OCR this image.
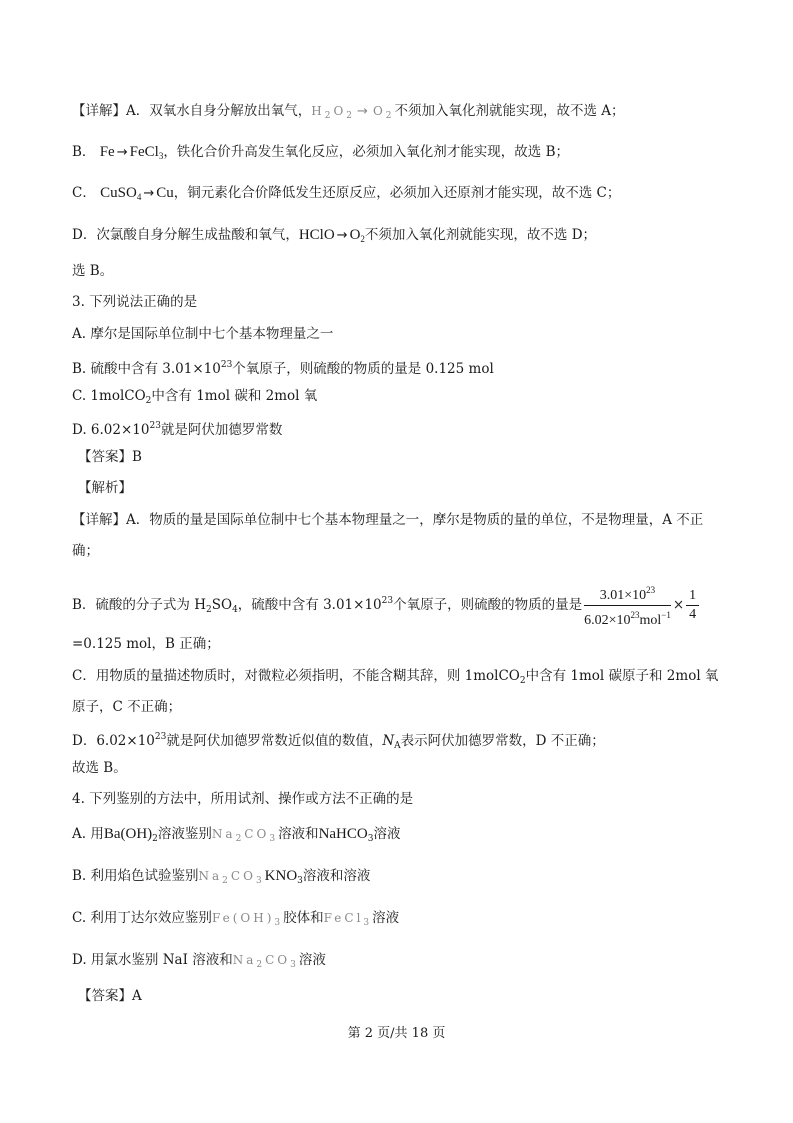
【详解】A．双氧水自身分解放出氧气，$H_2O_2 \to O_2$不须加入氧化剂就能实现，故不选 A；
B． Fe → FeCl$_3$，铁化合价升高发生氧化反应，必须加入氧化剂才能实现，故选 B；
C． CuSO$_4$ → Cu，铜元素化合价降低发生还原反应，必须加入还原剂才能实现，故不选 C；
D．次氯酸自身分解生成盐酸和氧气，HClO → $O_2$不须加入氧化剂就能实现，故不选 D；
选 B。
3. 下列说法正确的是
A. 摩尔是国际单位制中七个基本物理量之一
B. 硫酸中含有 $3.01\times 10^{23}$个氧原子，则硫酸的物质的量是 0.125 mol
C. 1molCO$_2$中含有 1mol 碳和 2mol 氧
D. $6.02\times 10^{23}$就是阿伏加德罗常数
【答案】B
【解析】
【详解】A．物质的量是国际单位制中七个基本物理量之一，摩尔是物质的量的单位，不是物理量，A 不正
确；
B．硫酸的分子式为 $H_2SO_4$，硫酸中含有 $3.01\times 10^{23}$个氧原子，则硫酸的物质的量是 $\frac{3.01\times 10^{23}}{6.02\times 10^{23}mol^{-1}} \times \frac{1}{4}$
=0.125 mol，B 正确；
C．用物质的量描述物质时，对微粒必须指明，不能含糊其辞，则 1molCO$_2$中含有 1mol 碳原子和 2mol 氧
原子，C 不正确；
D．$6.02\times 10^{23}$就是阿伏加德罗常数近似值的数值，$N_A$表示阿伏加德罗常数，D 不正确；
故选 B。
4. 下列鉴别的方法中，所用试剂、操作或方法不正确的是
A. 用$Ba(OH)_2$溶液鉴别$Na_2CO_3$溶液和NaHCO$_3$溶液
B. 利用焰色试验鉴别$Na_2CO_3KNO_3$溶液和溶液
C. 利用丁达尔效应鉴别$Fe(OH)_3$胶体和FeCl$_3$溶液
D. 用氯水鉴别 NaI 溶液和$Na_2CO_3$溶液
【答案】A
第 2 页/共 18 页
